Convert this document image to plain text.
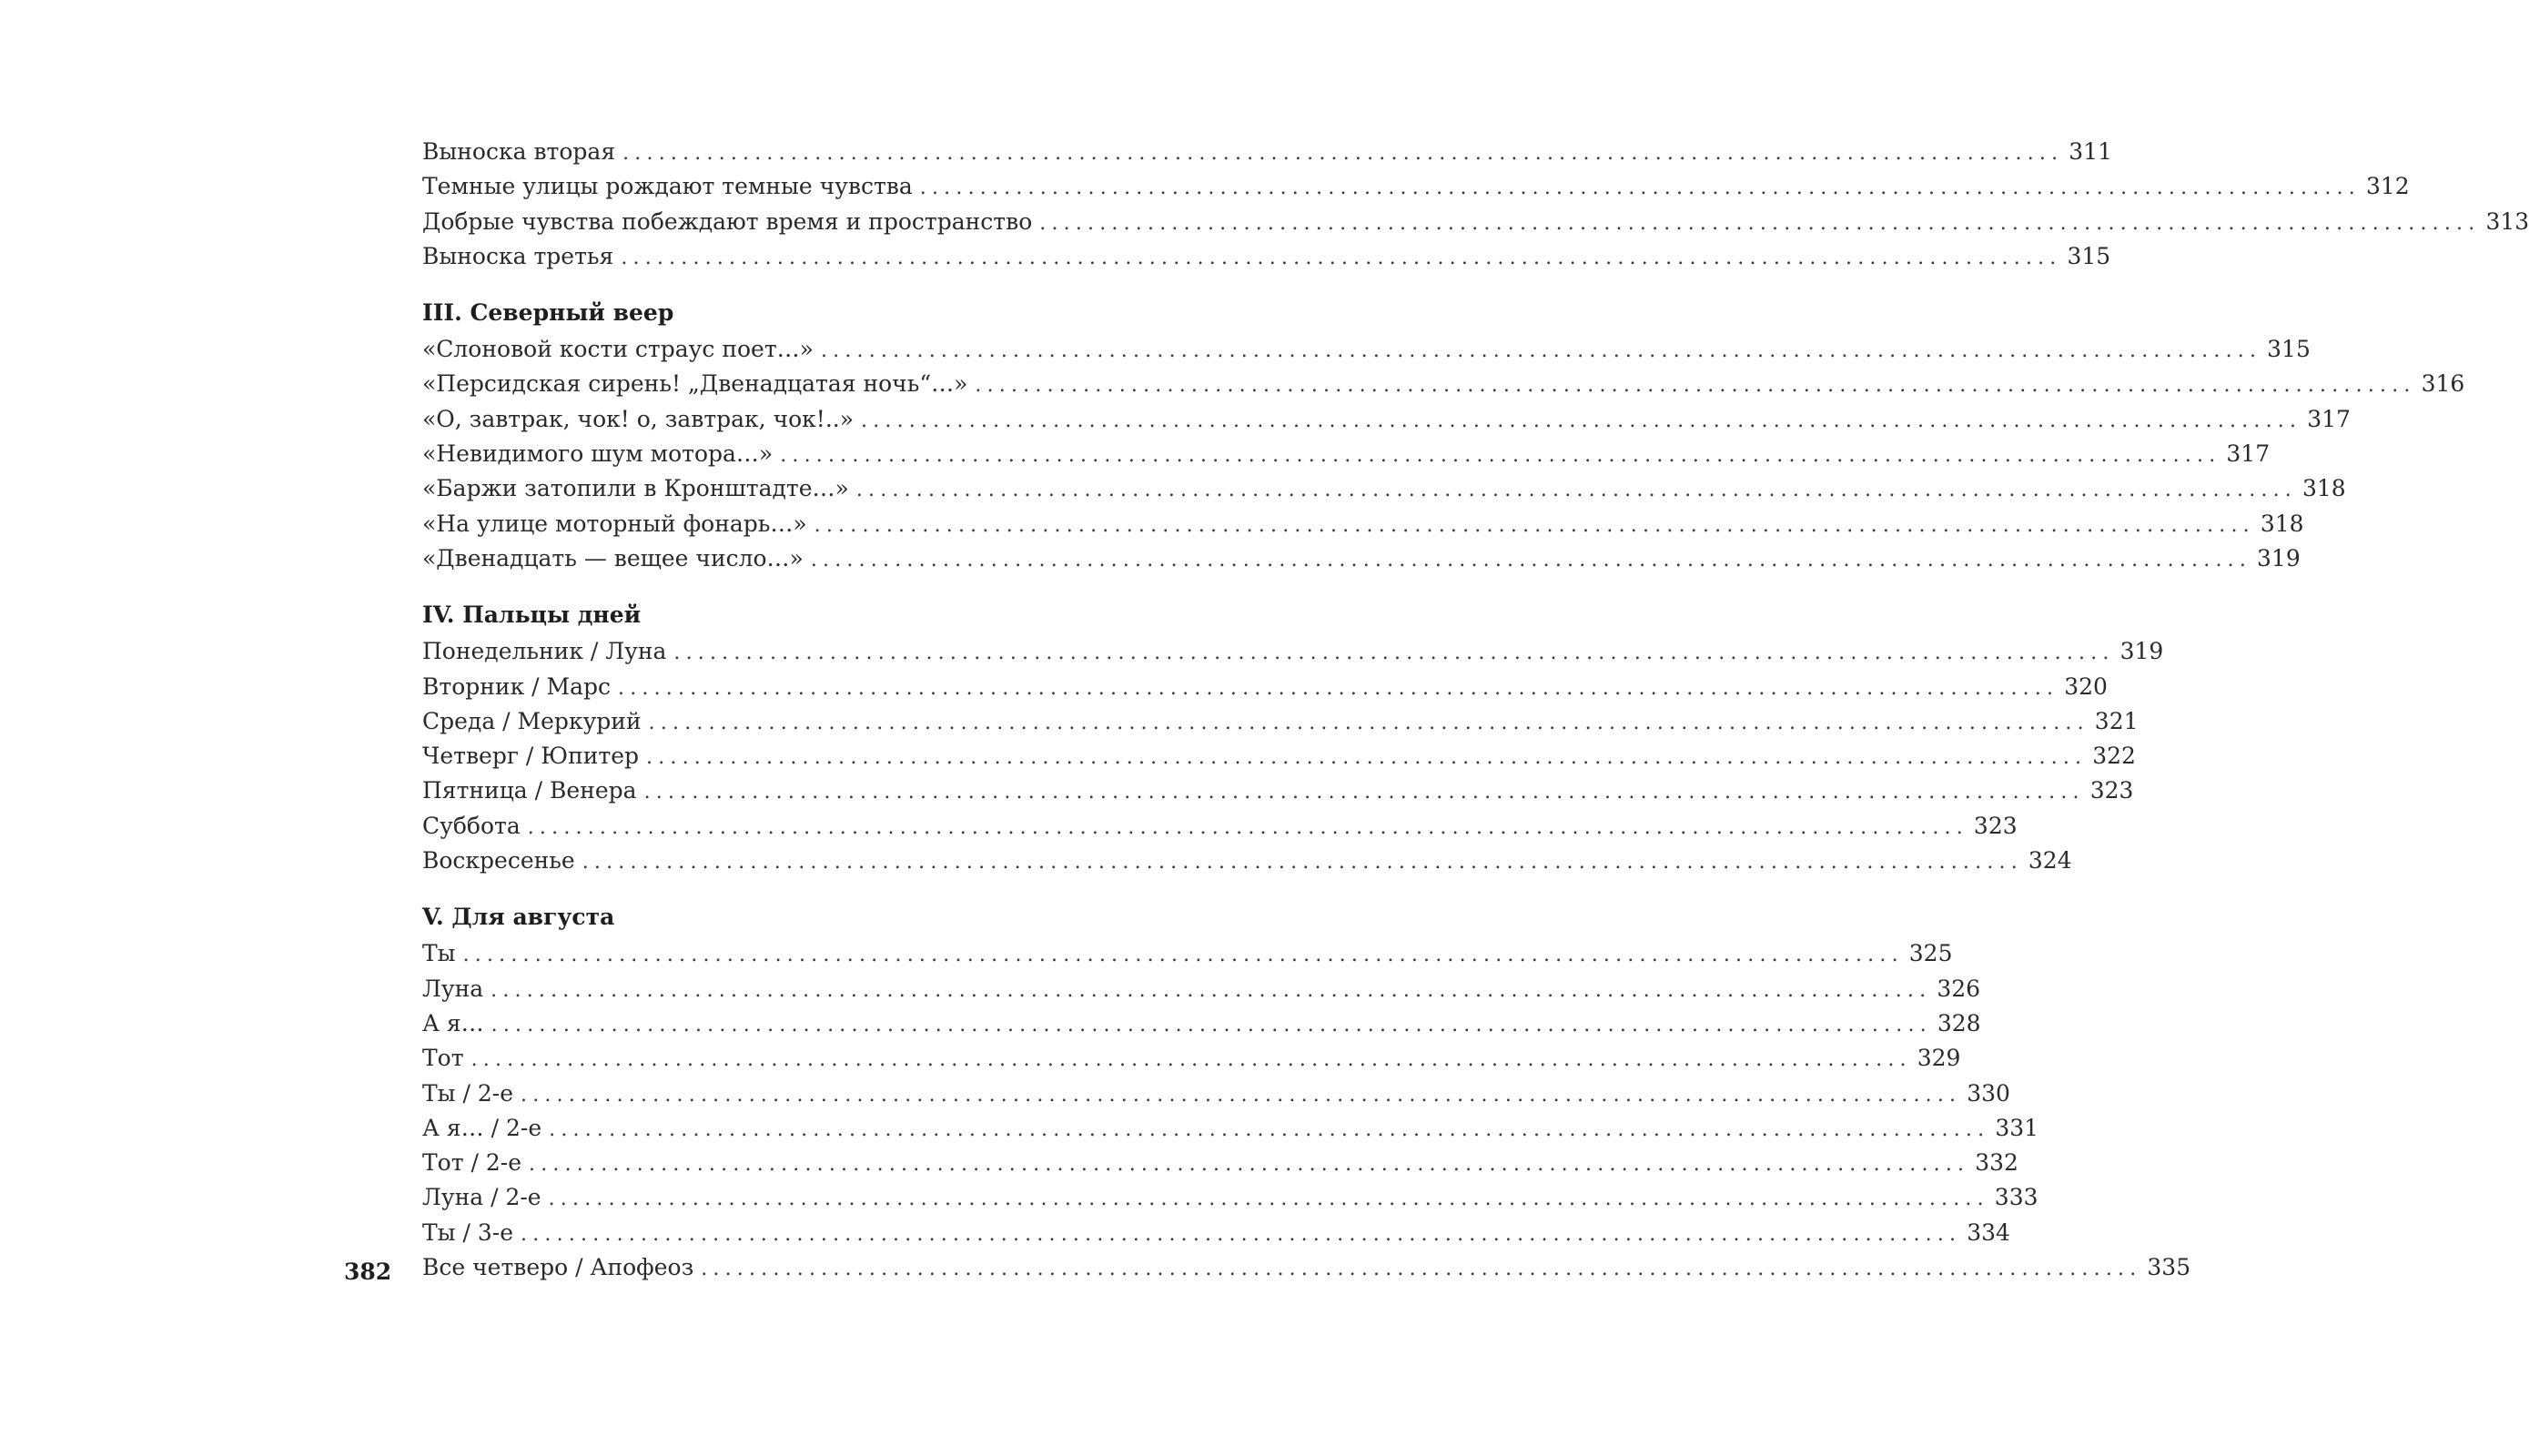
Выноска вторая ........................................................................................................................ 311
Темные улицы рождают темные чувства ........................................................................................................................ 312
Добрые чувства побеждают время и пространство ........................................................................................................................ 313
Выноска третья ........................................................................................................................ 315
III. Северный веер
«Слоновой кости страус поет…» ........................................................................................................................ 315
«Персидская сирень! „Двенадцатая ночь“…» ........................................................................................................................ 316
«О, завтрак, чок! о, завтрак, чок!..» ........................................................................................................................ 317
«Невидимого шум мотора…» ........................................................................................................................ 317
«Баржи затопили в Кронштадте…» ........................................................................................................................ 318
«На улице моторный фонарь…» ........................................................................................................................ 318
«Двенадцать — вещее число…» ........................................................................................................................ 319
IV. Пальцы дней
Понедельник / Луна ........................................................................................................................ 319
Вторник / Марс ........................................................................................................................ 320
Среда / Меркурий ........................................................................................................................ 321
Четверг / Юпитер ........................................................................................................................ 322
Пятница / Венера ........................................................................................................................ 323
Суббота ........................................................................................................................ 323
Воскресенье ........................................................................................................................ 324
V. Для августа
Ты ........................................................................................................................ 325
Луна ........................................................................................................................ 326
А я… ........................................................................................................................ 328
Тот ........................................................................................................................ 329
Ты / 2-е ........................................................................................................................ 330
А я… / 2-е ........................................................................................................................ 331
Тот / 2-е ........................................................................................................................ 332
Луна / 2-е ........................................................................................................................ 333
Ты / 3-е ........................................................................................................................ 334
Все четверо / Апофеоз ........................................................................................................................ 335
382
